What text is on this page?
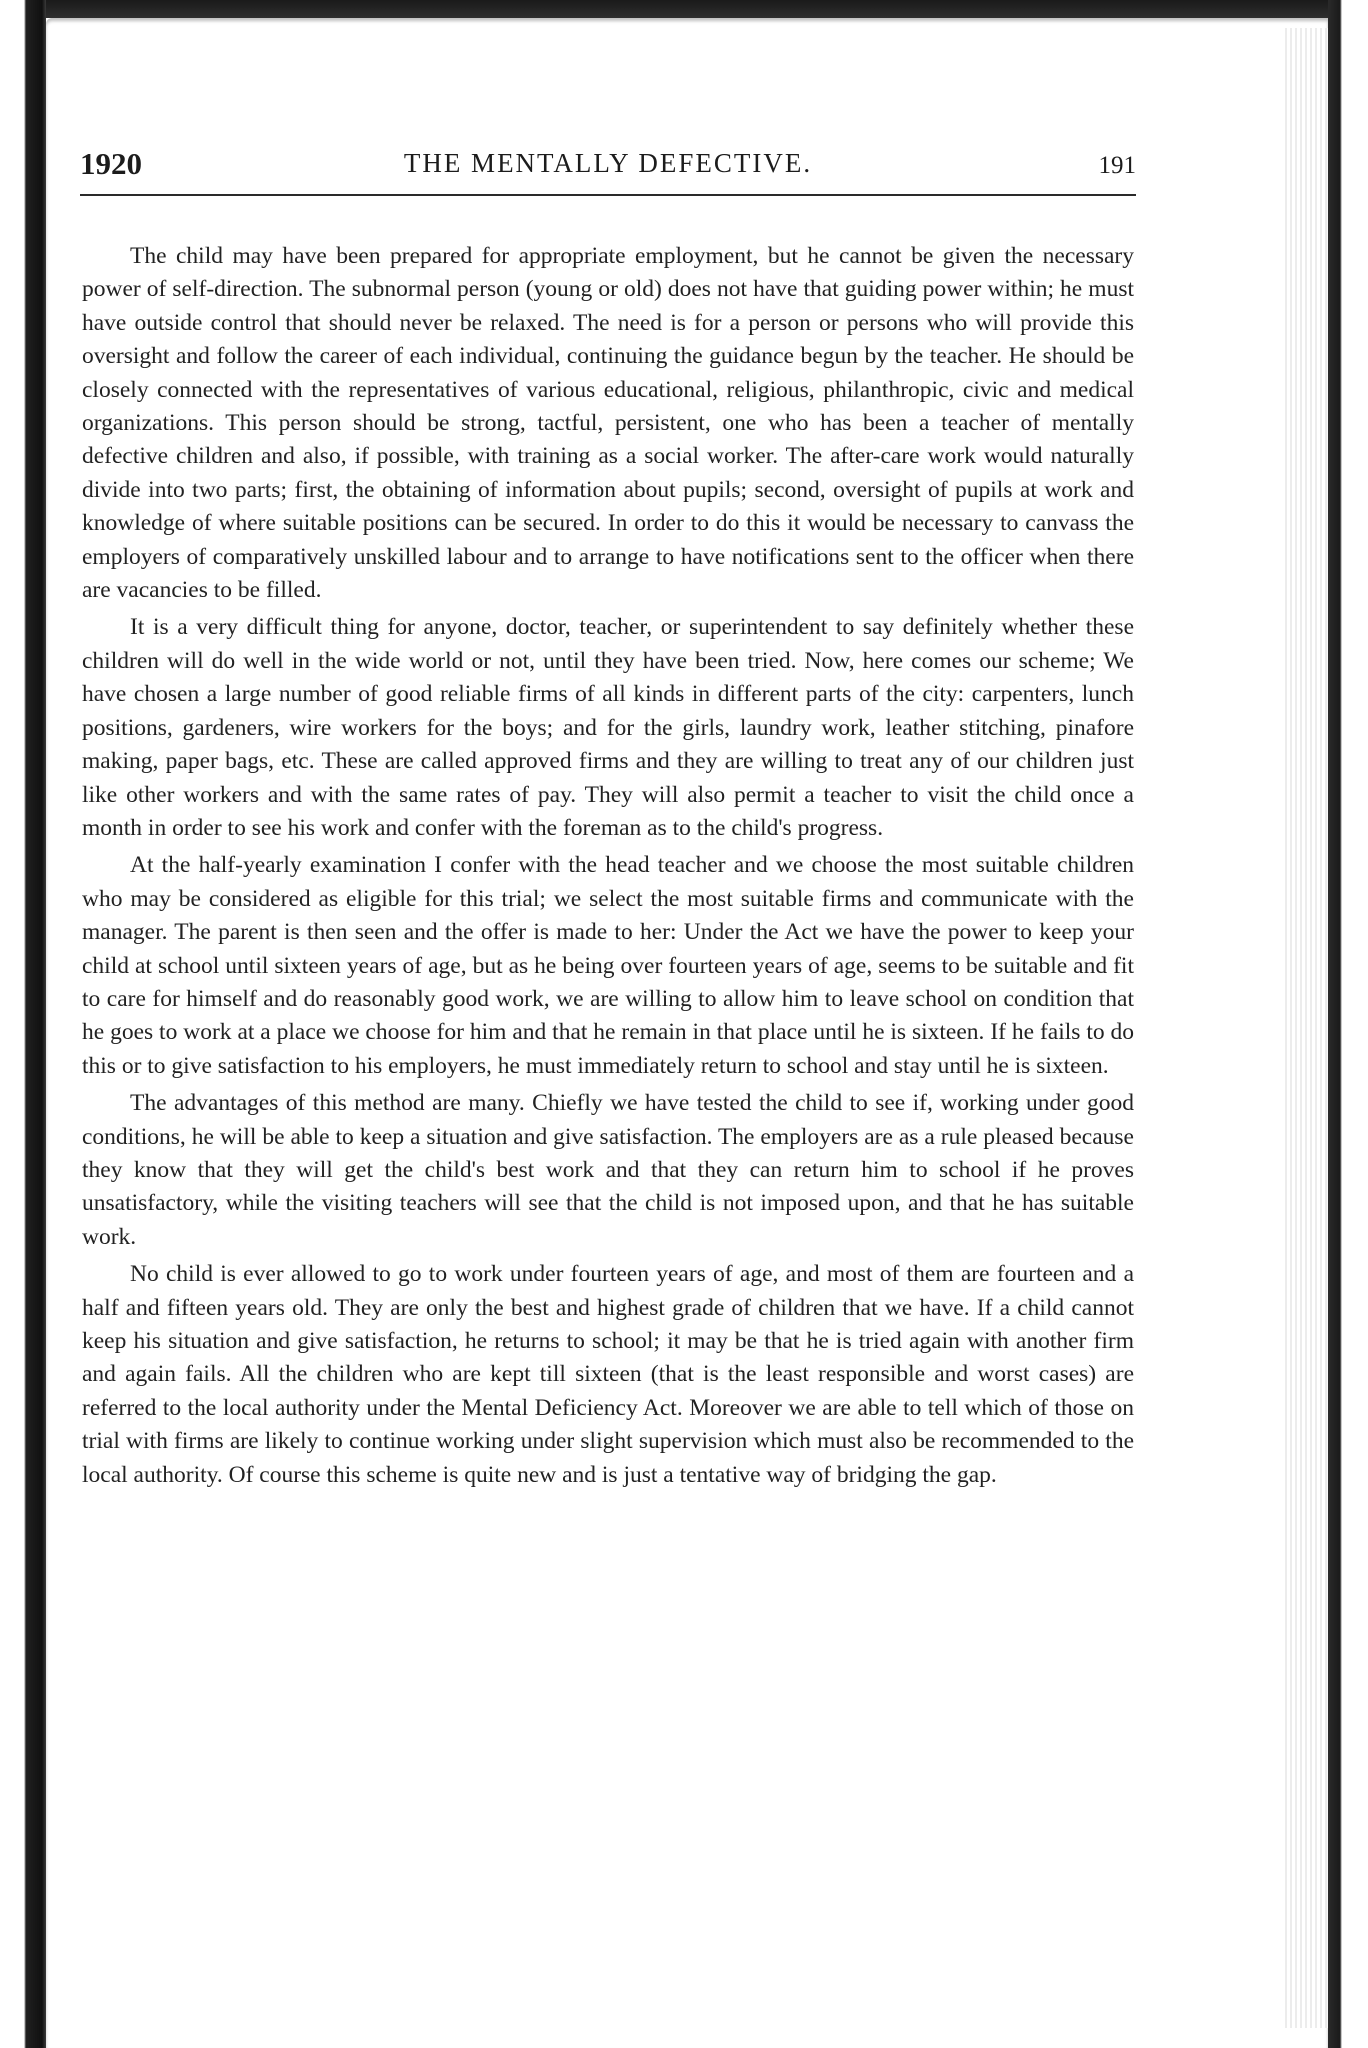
1920	THE MENTALLY DEFECTIVE.	191

The child may have been prepared for appropriate employment, but he cannot be given the necessary power of self-direction. The subnormal person (young or old) does not have that guiding power within; he must have outside control that should never be relaxed. The need is for a person or persons who will provide this oversight and follow the career of each individual, continuing the guidance begun by the teacher. He should be closely connected with the representatives of various educational, religious, philanthropic, civic and medical organizations. This person should be strong, tactful, persistent, one who has been a teacher of mentally defective children and also, if possible, with training as a social worker. The after-care work would naturally divide into two parts; first, the obtaining of information about pupils; second, oversight of pupils at work and knowledge of where suitable positions can be secured. In order to do this it would be necessary to canvass the employers of comparatively unskilled labour and to arrange to have notifications sent to the officer when there are vacancies to be filled.

It is a very difficult thing for anyone, doctor, teacher, or superintendent to say definitely whether these children will do well in the wide world or not, until they have been tried. Now, here comes our scheme; We have chosen a large number of good reliable firms of all kinds in different parts of the city: carpenters, lunch positions, gardeners, wire workers for the boys; and for the girls, laundry work, leather stitching, pinafore making, paper bags, etc. These are called approved firms and they are willing to treat any of our children just like other workers and with the same rates of pay. They will also permit a teacher to visit the child once a month in order to see his work and confer with the foreman as to the child's progress.

At the half-yearly examination I confer with the head teacher and we choose the most suitable children who may be considered as eligible for this trial; we select the most suitable firms and communicate with the manager. The parent is then seen and the offer is made to her: Under the Act we have the power to keep your child at school until sixteen years of age, but as he being over fourteen years of age, seems to be suitable and fit to care for himself and do reasonably good work, we are willing to allow him to leave school on condition that he goes to work at a place we choose for him and that he remain in that place until he is sixteen. If he fails to do this or to give satisfaction to his employers, he must immediately return to school and stay until he is sixteen.

The advantages of this method are many. Chiefly we have tested the child to see if, working under good conditions, he will be able to keep a situation and give satisfaction. The employers are as a rule pleased because they know that they will get the child's best work and that they can return him to school if he proves unsatisfactory, while the visiting teachers will see that the child is not imposed upon, and that he has suitable work.

No child is ever allowed to go to work under fourteen years of age, and most of them are fourteen and a half and fifteen years old. They are only the best and highest grade of children that we have. If a child cannot keep his situation and give satisfaction, he returns to school; it may be that he is tried again with another firm and again fails. All the children who are kept till sixteen (that is the least responsible and worst cases) are referred to the local authority under the Mental Deficiency Act. Moreover we are able to tell which of those on trial with firms are likely to continue working under slight supervision which must also be recommended to the local authority. Of course this scheme is quite new and is just a tentative way of bridging the gap.
